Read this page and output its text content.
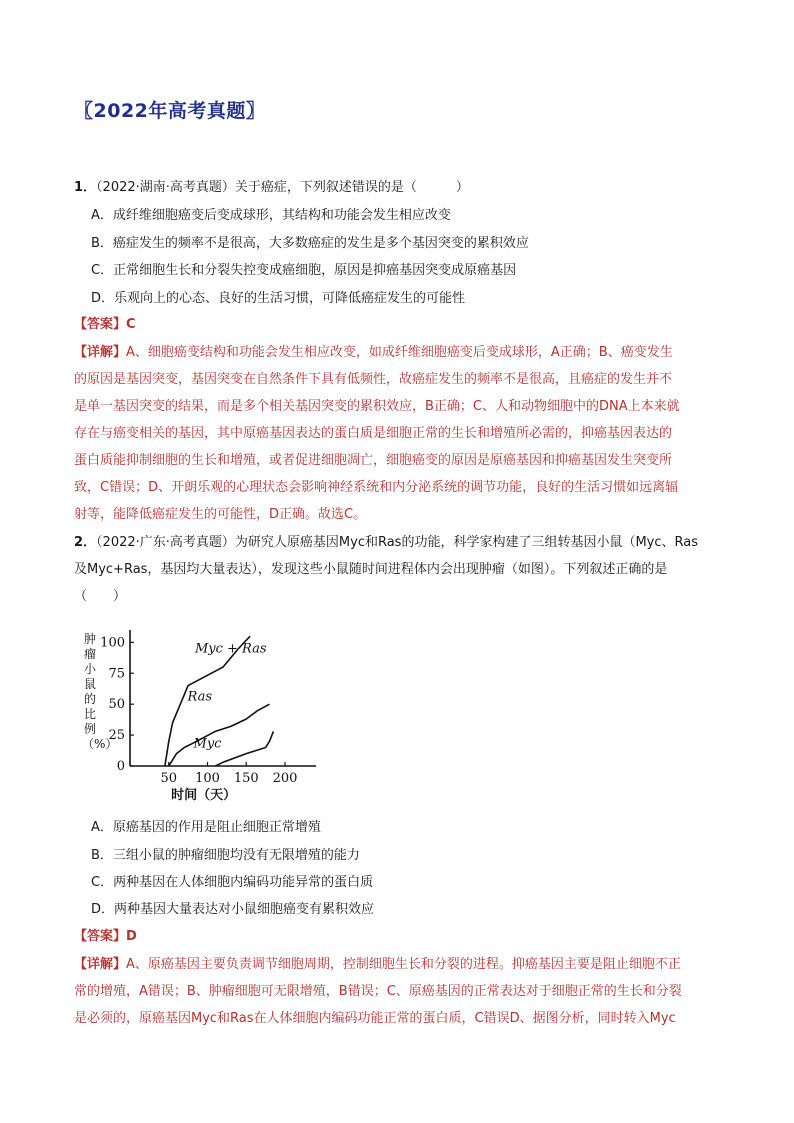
〖2022年高考真题〗
1．（2022·湖南·高考真题）关于癌症，下列叙述错误的是（　　　）
A．成纤维细胞癌变后变成球形，其结构和功能会发生相应改变
B．癌症发生的频率不是很高，大多数癌症的发生是多个基因突变的累积效应
C．正常细胞生长和分裂失控变成癌细胞，原因是抑癌基因突变成原癌基因
D．乐观向上的心态、良好的生活习惯，可降低癌症发生的可能性
【答案】C
【详解】A、细胞癌变结构和功能会发生相应改变，如成纤维细胞癌变后变成球形，A正确；B、癌变发生
的原因是基因突变，基因突变在自然条件下具有低频性，故癌症发生的频率不是很高，且癌症的发生并不
是单一基因突变的结果，而是多个相关基因突变的累积效应，B正确；C、人和动物细胞中的DNA上本来就
存在与癌变相关的基因，其中原癌基因表达的蛋白质是细胞正常的生长和增殖所必需的，抑癌基因表达的
蛋白质能抑制细胞的生长和增殖，或者促进细胞凋亡，细胞癌变的原因是原癌基因和抑癌基因发生突变所
致，C错误；D、开朗乐观的心理状态会影响神经系统和内分泌系统的调节功能，良好的生活习惯如远离辐
射等，能降低癌症发生的可能性，D正确。故选C。
2．（2022·广东·高考真题）为研究人原癌基因Myc和Ras的功能，科学家构建了三组转基因小鼠（Myc、Ras
及Myc+Ras，基因均大量表达），发现这些小鼠随时间进程体内会出现肿瘤（如图）。下列叙述正确的是
（　　）
肿瘤小鼠的比例（%）
0
25
50
75
100
50 100 150 200
时间（天）
Myc + Ras
Ras
Myc
A．原癌基因的作用是阻止细胞正常增殖
B．三组小鼠的肿瘤细胞均没有无限增殖的能力
C．两种基因在人体细胞内编码功能异常的蛋白质
D．两种基因大量表达对小鼠细胞癌变有累积效应
【答案】D
【详解】A、原癌基因主要负责调节细胞周期，控制细胞生长和分裂的进程。抑癌基因主要是阻止细胞不正
常的增殖，A错误；B、肿瘤细胞可无限增殖，B错误；C、原癌基因的正常表达对于细胞正常的生长和分裂
是必须的，原癌基因Myc和Ras在人体细胞内编码功能正常的蛋白质，C错误D、据图分析，同时转入Myc
